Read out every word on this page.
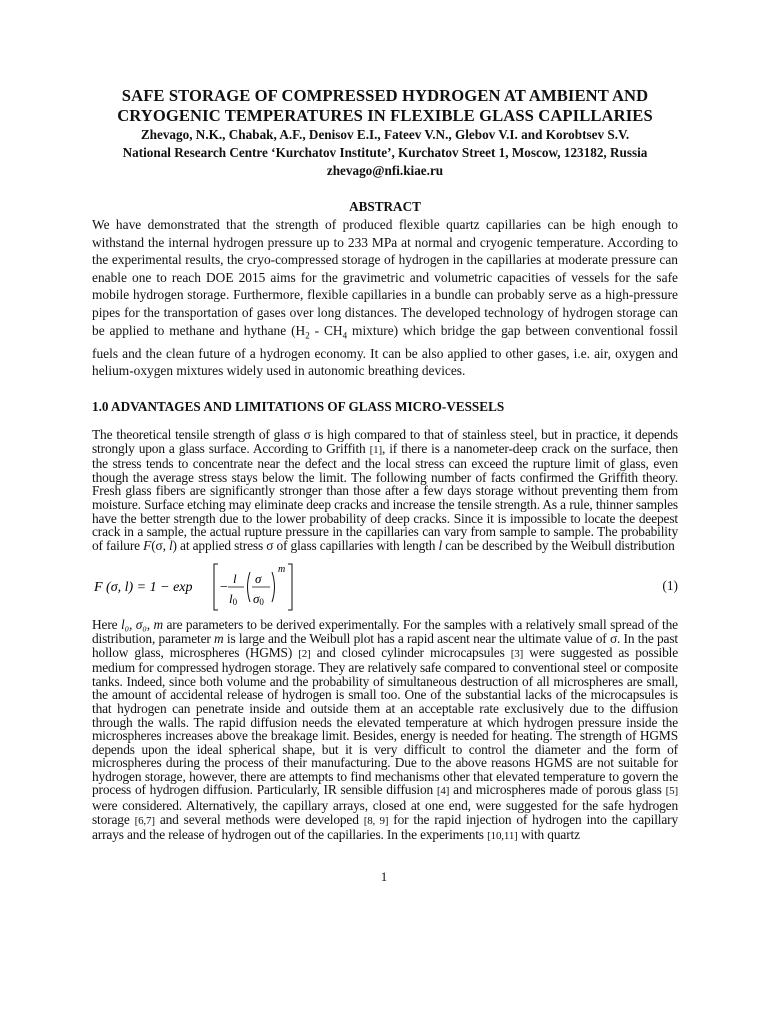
SAFE STORAGE OF COMPRESSED HYDROGEN AT AMBIENT AND CRYOGENIC TEMPERATURES IN FLEXIBLE GLASS CAPILLARIES

Zhevago, N.K., Chabak, A.F., Denisov E.I., Fateev V.N., Glebov V.I. and Korobtsev S.V.

National Research Centre ‘Kurchatov Institute’, Kurchatov Street 1, Moscow, 123182, Russia

zhevago@nfi.kiae.ru

ABSTRACT

We have demonstrated that the strength of produced flexible quartz capillaries can be high enough to withstand the internal hydrogen pressure up to 233 MPa at normal and cryogenic temperature. According to the experimental results, the cryo-compressed storage of hydrogen in the capillaries at moderate pressure can enable one to reach DOE 2015 aims for the gravimetric and volumetric capacities of vessels for the safe mobile hydrogen storage. Furthermore, flexible capillaries in a bundle can probably serve as a high-pressure pipes for the transportation of gases over long distances. The developed technology of hydrogen storage can be applied to methane and hythane ($H_2 - CH_4$ mixture) which bridge the gap between conventional fossil fuels and the clean future of a hydrogen economy. It can be also applied to other gases, i.e. air, oxygen and helium-oxygen mixtures widely used in autonomic breathing devices.

1.0 ADVANTAGES AND LIMITATIONS OF GLASS MICRO-VESSELS

The theoretical tensile strength of glass σ is high compared to that of stainless steel, but in practice, it depends strongly upon a glass surface. According to Griffith [1], if there is a nanometer-deep crack on the surface, then the stress tends to concentrate near the defect and the local stress can exceed the rupture limit of glass, even though the average stress stays below the limit. The following number of facts confirmed the Griffith theory. Fresh glass fibers are significantly stronger than those after a few days storage without preventing them from moisture. Surface etching may eliminate deep cracks and increase the tensile strength. As a rule, thinner samples have the better strength due to the lower probability of deep cracks. Since it is impossible to locate the deepest crack in a sample, the actual rupture pressure in the capillaries can vary from sample to sample. The probability of failure F(σ, l) at applied stress σ of glass capillaries with length l can be described by the Weibull distribution

F (σ, l) = 1 − exp −
l
l0
σ
σ0
m
(1)

Here l₀, σ₀, m are parameters to be derived experimentally. For the samples with a relatively small spread of the distribution, parameter m is large and the Weibull plot has a rapid ascent near the ultimate value of σ. In the past hollow glass, microspheres (HGMS) [2] and closed cylinder microcapsules [3] were suggested as possible medium for compressed hydrogen storage. They are relatively safe compared to conventional steel or composite tanks. Indeed, since both volume and the probability of simultaneous destruction of all microspheres are small, the amount of accidental release of hydrogen is small too. One of the substantial lacks of the microcapsules is that hydrogen can penetrate inside and outside them at an acceptable rate exclusively due to the diffusion through the walls. The rapid diffusion needs the elevated temperature at which hydrogen pressure inside the microspheres increases above the breakage limit. Besides, energy is needed for heating. The strength of HGMS depends upon the ideal spherical shape, but it is very difficult to control the diameter and the form of microspheres during the process of their manufacturing. Due to the above reasons HGMS are not suitable for hydrogen storage, however, there are attempts to find mechanisms other that elevated temperature to govern the process of hydrogen diffusion. Particularly, IR sensible diffusion [4] and microspheres made of porous glass [5] were considered. Alternatively, the capillary arrays, closed at one end, were suggested for the safe hydrogen storage [6,7] and several methods were developed [8, 9] for the rapid injection of hydrogen into the capillary arrays and the release of hydrogen out of the capillaries. In the experiments [10,11] with quartz

1
